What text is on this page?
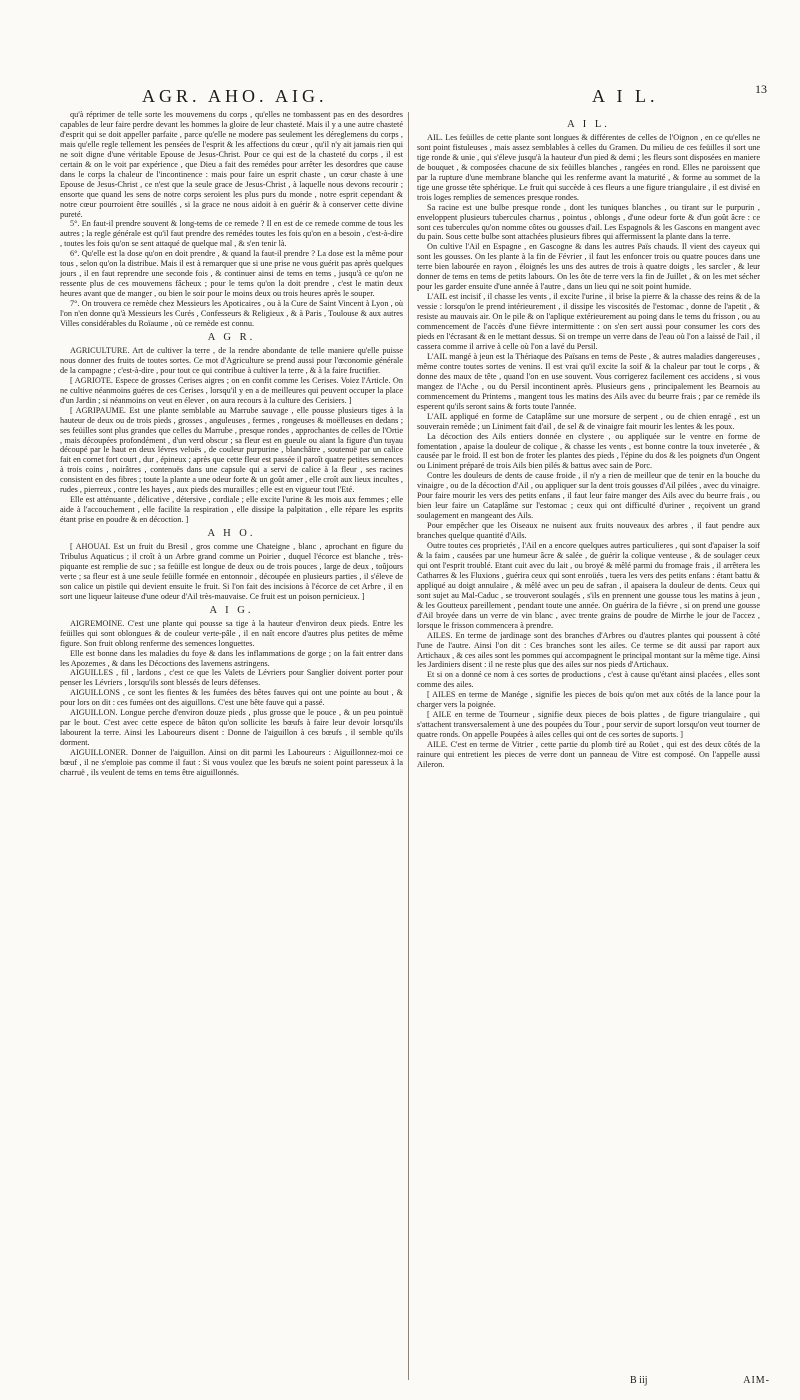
AGR. AHO. AIG.	A I L.	13

qu'à réprimer de telle sorte les mouvemens du corps , qu'elles ne tombassent pas en des desordres capables de leur faire perdre devant les hommes la gloire de leur chasteté. Mais il y a une autre chasteté d'esprit qui se doit appeller parfaite , parce qu'elle ne modere pas seulement les déreglemens du corps , mais qu'elle regle tellement les pensées de l'esprit & les affections du cœur , qu'il n'y ait jamais rien qui ne soit digne d'une véritable Epouse de Jesus-Christ. Pour ce qui est de la chasteté du corps , il est certain & on le voit par expérience , que Dieu a fait des remédes pour arrêter les desordres que cause dans le corps la chaleur de l'incontinence : mais pour faire un esprit chaste , un cœur chaste à une Epouse de Jesus-Christ , ce n'est que la seule grace de Jesus-Christ , à laquelle nous devons recourir ; ensorte que quand les sens de notre corps seroient les plus purs du monde , notre esprit cependant & notre cœur pourroient être souillés , si la grace ne nous aidoit à en guérir & à conserver cette divine pureté.

5°. En faut-il prendre souvent & long-tems de ce remede ? Il en est de ce remede comme de tous les autres ; la regle générale est qu'il faut prendre des remédes toutes les fois qu'on en a besoin , c'est-à-dire , toutes les fois qu'on se sent attaqué de quelque mal , & s'en tenir là.

6°. Qu'elle est la dose qu'on en doit prendre , & quand la faut-il prendre ? La dose est la même pour tous , selon qu'on la distribue. Mais il est à remarquer que si une prise ne vous guérit pas après quelques jours , il en faut reprendre une seconde fois , & continuer ainsi de tems en tems , jusqu'à ce qu'on ne ressente plus de ces mouvemens fâcheux ; pour le tems qu'on la doit prendre , c'est le matin deux heures avant que de manger , ou bien le soir pour le moins deux ou trois heures après le souper.

7°. On trouvera ce remède chez Messieurs les Apoticaires , ou à la Cure de Saint Vincent à Lyon , où l'on n'en donne qu'à Messieurs les Curés , Confesseurs & Religieux , & à Paris , Toulouse & aux autres Villes considérables du Roïaume , où ce remède est connu.

A G R.

AGRICULTURE. Art de cultiver la terre , de la rendre abondante de telle maniere qu'elle puisse nous donner des fruits de toutes sortes. Ce mot d'Agriculture se prend aussi pour l'œconomie générale de la campagne ; c'est-à-dire , pour tout ce qui contribue à cultiver la terre , & à la faire fructifier.

[ AGRIOTE. Espece de grosses Cerises aigres ; on en confit comme les Cerises. Voiez l'Article. On ne cultive néanmoins guéres de ces Cerises , lorsqu'il y en a de meilleures qui peuvent occuper la place d'un Jardin ; si néanmoins on veut en élever , on aura recours à la culture des Cerisiers. ]

[ AGRIPAUME. Est une plante semblable au Marrube sauvage , elle pousse plusieurs tiges à la hauteur de deux ou de trois pieds , grosses , anguleuses , fermes , rongeuses & moëlleuses en dedans ; ses feüilles sont plus grandes que celles du Marrube , presque rondes , approchantes de celles de l'Ortie , mais découpées profondément , d'un verd obscur ; sa fleur est en gueule ou aïant la figure d'un tuyau découpé par le haut en deux lévres veluës , de couleur purpurine , blanchâtre , soutenuë par un calice fait en cornet fort court , dur , épineux ; après que cette fleur est passée il paroît quatre petites semences à trois coins , noirâtres , contenuës dans une capsule qui a servi de calice à la fleur , ses racines consistent en des fibres ; toute la plante a une odeur forte & un goût amer , elle croît aux lieux incultes , rudes , pierreux , contre les hayes , aux pieds des murailles ; elle est en vigueur tout l'Eté.

Elle est atténuante , délicative , détersive , cordiale ; elle excite l'urine & les mois aux femmes ; elle aide à l'accouchement , elle facilite la respiration , elle dissipe la palpitation , elle répare les esprits étant prise en poudre & en décoction. ]

A H O.

[ AHOUAI. Est un fruit du Bresil , gros comme une Chateigne , blanc , aprochant en figure du Tribulus Aquaticus ; il croît à un Arbre grand comme un Poirier , duquel l'écorce est blanche , très-piquante est remplie de suc ; sa feüille est longue de deux ou de trois pouces , large de deux , toûjours verte ; sa fleur est à une seule feüille formée en entonnoir , découpée en plusieurs parties , il s'éleve de son calice un pistile qui devient ensuite le fruit. Si l'on fait des incisions à l'écorce de cet Arbre , il en sort une liqueur laiteuse d'une odeur d'Ail très-mauvaise. Ce fruit est un poison pernicieux. ]

A I G.

AIGREMOINE. C'est une plante qui pousse sa tige à la hauteur d'environ deux pieds. Entre les feüilles qui sont oblongues & de couleur verte-pâle , il en naît encore d'autres plus petites de même figure. Son fruit oblong renferme des semences longuettes.

Elle est bonne dans les maladies du foye & dans les inflammations de gorge ; on la fait entrer dans les Apozemes , & dans les Décoctions des lavemens astringens.

AIGUILLES , fil , lardons , c'est ce que les Valets de Lévriers pour Sanglier doivent porter pour penser les Lévriers , lorsqu'ils sont blessés de leurs défenses.

AIGUILLONS , ce sont les fientes & les fumées des bêtes fauves qui ont une pointe au bout , & pour lors on dit : ces fumées ont des aiguillons. C'est une bête fauve qui a passé.

AIGUILLON. Longue perche d'environ douze pieds , plus grosse que le pouce , & un peu pointuë par le bout. C'est avec cette espece de bâton qu'on sollicite les bœufs à faire leur devoir lorsqu'ils labourent la terre. Ainsi les Laboureurs disent : Donne de l'aiguillon à ces bœufs , il semble qu'ils dorment.

AIGUILLONER. Donner de l'aiguillon. Ainsi on dit parmi les Laboureurs : Aiguillonnez-moi ce bœuf , il ne s'emploie pas comme il faut : Si vous voulez que les bœufs ne soient point paresseux à la charruë , ils veulent de tems en tems être aiguillonnés.

A I L.

AIL. Les feüilles de cette plante sont longues & différentes de celles de l'Oignon , en ce qu'elles ne sont point fistuleuses , mais assez semblables à celles du Gramen. Du milieu de ces feüilles il sort une tige ronde & unie , qui s'éleve jusqu'à la hauteur d'un pied & demi ; les fleurs sont disposées en maniere de bouquet , & composées chacune de six feüilles blanches , rangées en rond. Elles ne paroissent que par la rupture d'une membrane blanche qui les renferme avant la maturité , & forme au sommet de la tige une grosse tête sphérique. Le fruit qui succède à ces fleurs a une figure triangulaire , il est divisé en trois loges remplies de semences presque rondes.

Sa racine est une bulbe presque ronde , dont les tuniques blanches , ou tirant sur le purpurin , enveloppent plusieurs tubercules charnus , pointus , oblongs , d'une odeur forte & d'un goût âcre : ce sont ces tubercules qu'on nomme côtes ou gousses d'ail. Les Espagnols & les Gascons en mangent avec du pain. Sous cette bulbe sont attachées plusieurs fibres qui affermissent la plante dans la terre.

On cultive l'Ail en Espagne , en Gascogne & dans les autres Païs chauds. Il vient des cayeux qui sont les gousses. On les plante à la fin de Février , il faut les enfoncer trois ou quatre pouces dans une terre bien labourée en rayon , éloignés les uns des autres de trois à quatre doigts , les sarcler , & leur donner de tems en tems de petits labours. On les ôte de terre vers la fin de Juillet , & on les met sécher pour les garder ensuite d'une année à l'autre , dans un lieu qui ne soit point humide.

L'AIL est incisif , il chasse les vents , il excite l'urine , il brise la pierre & la chasse des reins & de la vessie : lorsqu'on le prend intérieurement , il dissipe les viscosités de l'estomac , donne de l'apetit , & resiste au mauvais air. On le pile & on l'aplique extérieurement au poing dans le tems du frisson , ou au commencement de l'accès d'une fiévre intermittente : on s'en sert aussi pour consumer les cors des pieds en l'écrasant & en le mettant dessus. Si on trempe un verre dans de l'eau où l'on a laissé de l'ail , il cassera comme il arrive à celle où l'on a lavé du Persil.

L'AIL mangé à jeun est la Thériaque des Païsans en tems de Peste , & autres maladies dangereuses , même contre toutes sortes de venins. Il est vrai qu'il excite la soif & la chaleur par tout le corps , & donne des maux de tête , quand l'on en use souvent. Vous corrigerez facilement ces accidens , si vous mangez de l'Ache , ou du Persil incontinent après. Plusieurs gens , principalement les Bearnois au commencement du Printems , mangent tous les matins des Ails avec du beurre frais ; par ce remède ils esperent qu'ils seront sains & forts toute l'année.

L'AIL appliqué en forme de Cataplâme sur une morsure de serpent , ou de chien enragé , est un souverain remède ; un Liniment fait d'ail , de sel & de vinaigre fait mourir les lentes & les poux.

La décoction des Ails entiers donnée en clystere , ou appliquée sur le ventre en forme de fomentation , apaise la douleur de colique , & chasse les vents , est bonne contre la toux inveterée , & causée par le froid. Il est bon de froter les plantes des pieds , l'épine du dos & les poignets d'un Ongent ou Liniment préparé de trois Ails bien pilés & battus avec sain de Porc.

Contre les douleurs de dents de cause froide , il n'y a rien de meilleur que de tenir en la bouche du vinaigre , ou de la décoction d'Ail , ou appliquer sur la dent trois gousses d'Ail pilées , avec du vinaigre. Pour faire mourir les vers des petits enfans , il faut leur faire manger des Ails avec du beurre frais , ou bien leur faire un Cataplâme sur l'estomac ; ceux qui ont difficulté d'uriner , reçoivent un grand soulagement en mangeant des Ails.

Pour empêcher que les Oiseaux ne nuisent aux fruits nouveaux des arbres , il faut pendre aux branches quelque quantité d'Ails.

Outre toutes ces proprietés , l'Ail en a encore quelques autres particulieres , qui sont d'apaiser la soif & la faim , causées par une humeur âcre & salée , de guérir la colique venteuse , & de soulager ceux qui ont l'esprit troublé. Etant cuit avec du lait , ou broyé & mêlé parmi du fromage frais , il arrêtera les Catharres & les Fluxions , guérira ceux qui sont enroüés , tuera les vers des petits enfans : étant battu & appliqué au doigt annulaire , & mêlé avec un peu de safran , il apaisera la douleur de dents. Ceux qui sont sujet au Mal-Caduc , se trouveront soulagés , s'ils en prennent une gousse tous les matins à jeun , & les Goutteux pareillement , pendant toute une année. On guérira de la fiévre , si on prend une gousse d'Ail broyée dans un verre de vin blanc , avec trente grains de poudre de Mirrhe le jour de l'accez , lorsque le frisson commencera à prendre.

AILES. En terme de jardinage sont des branches d'Arbres ou d'autres plantes qui poussent à côté l'une de l'autre. Ainsi l'on dit : Ces branches sont les ailes. Ce terme se dit aussi par raport aux Artichaux , & ces ailes sont les pommes qui accompagnent le principal montant sur la même tige. Ainsi les Jardiniers disent : il ne reste plus que des ailes sur nos pieds d'Artichaux.

Et si on a donné ce nom à ces sortes de productions , c'est à cause qu'étant ainsi placées , elles sont comme des ailes.

[ AILES en terme de Manége , signifie les pieces de bois qu'on met aux côtés de la lance pour la charger vers la poignée.

[ AILE en terme de Tourneur , signifie deux pieces de bois plattes , de figure triangulaire , qui s'attachent transversalement à une des poupées du Tour , pour servir de suport lorsqu'on veut tourner de quatre ronds. On appelle Poupées à ailes celles qui ont de ces sortes de suports. ]

AILE. C'est en terme de Vitrier , cette partie du plomb tiré au Roüet , qui est des deux côtés de la rainure qui entretient les pieces de verre dont un panneau de Vitre est composé. On l'appelle aussi Aileron.

B iij	AIM-
